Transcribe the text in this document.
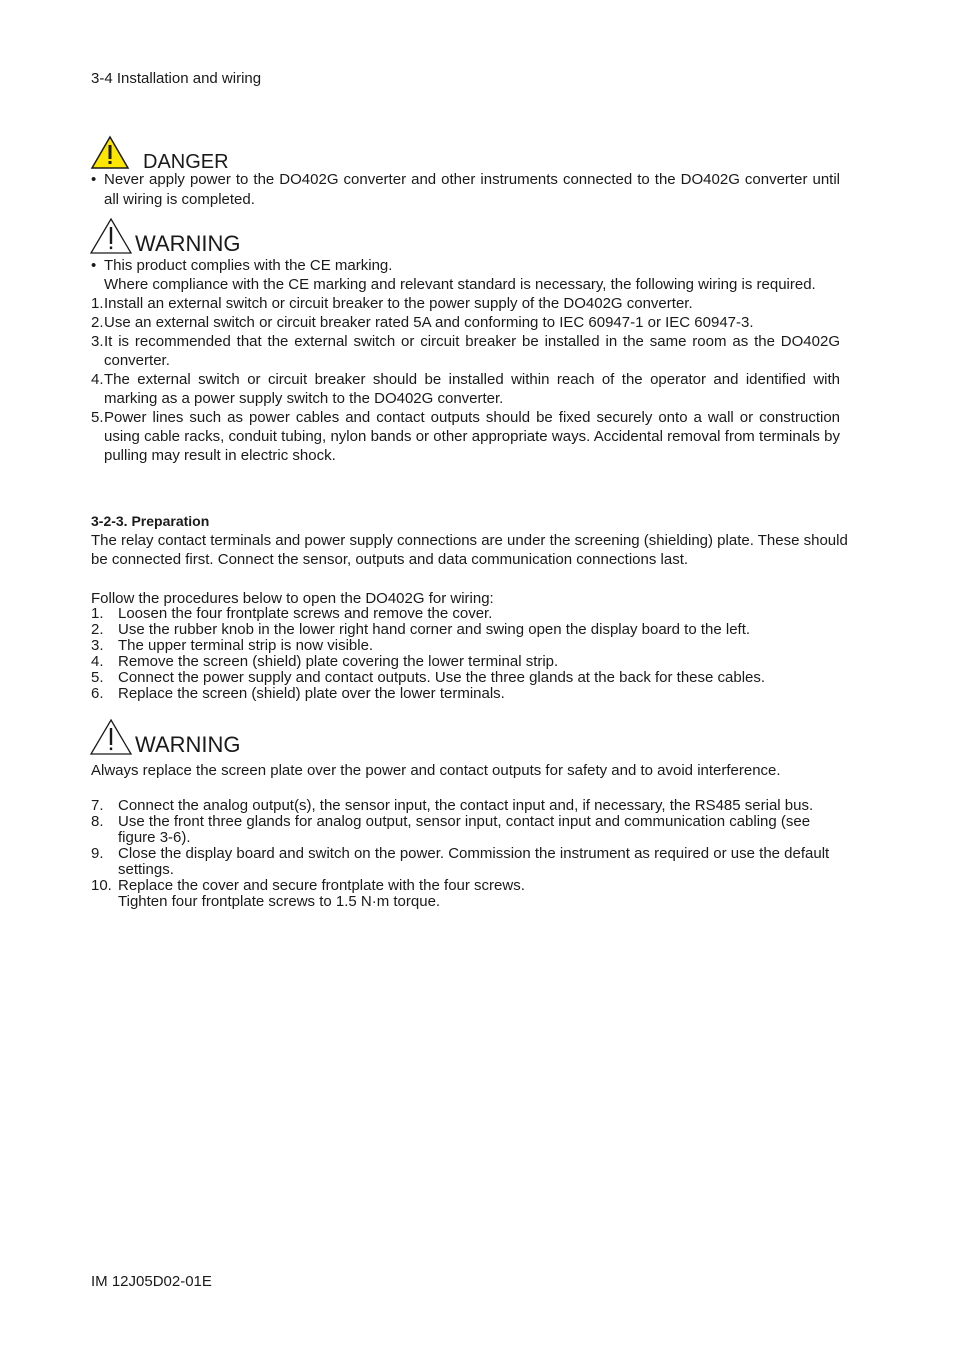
3-4 Installation and wiring
DANGER
• Never apply power to the DO402G converter and other instruments connected to the DO402G converter until all wiring is completed.
WARNING
• This product complies with the CE marking.
Where compliance with the CE marking and relevant standard is necessary, the following wiring is required.
1. Install an external switch or circuit breaker to the power supply of the DO402G converter.
2. Use an external switch or circuit breaker rated 5A and conforming to IEC 60947-1 or IEC 60947-3.
3. It is recommended that the external switch or circuit breaker be installed in the same room as the DO402G converter.
4. The external switch or circuit breaker should be installed within reach of the operator and identified with marking as a power supply switch to the DO402G converter.
5. Power lines such as power cables and contact outputs should be fixed securely onto a wall or construction using cable racks, conduit tubing, nylon bands or other appropriate ways. Accidental removal from terminals by pulling may result in electric shock.
3-2-3. Preparation
The relay contact terminals and power supply connections are under the screening (shielding) plate. These should be connected first. Connect the sensor, outputs and data communication connections last.
Follow the procedures below to open the DO402G for wiring:
1. Loosen the four frontplate screws and remove the cover.
2. Use the rubber knob in the lower right hand corner and swing open the display board to the left.
3. The upper terminal strip is now visible.
4. Remove the screen (shield) plate covering the lower terminal strip.
5. Connect the power supply and contact outputs. Use the three glands at the back for these cables.
6. Replace the screen (shield) plate over the lower terminals.
WARNING
Always replace the screen plate over the power and contact outputs for safety and to avoid interference.
7. Connect the analog output(s), the sensor input, the contact input and, if necessary, the RS485 serial bus.
8. Use the front three glands for analog output, sensor input, contact input and communication cabling (see figure 3-6).
9. Close the display board and switch on the power. Commission the instrument as required or use the default settings.
10. Replace the cover and secure frontplate with the four screws.
Tighten four frontplate screws to 1.5 N·m torque.
IM 12J05D02-01E
